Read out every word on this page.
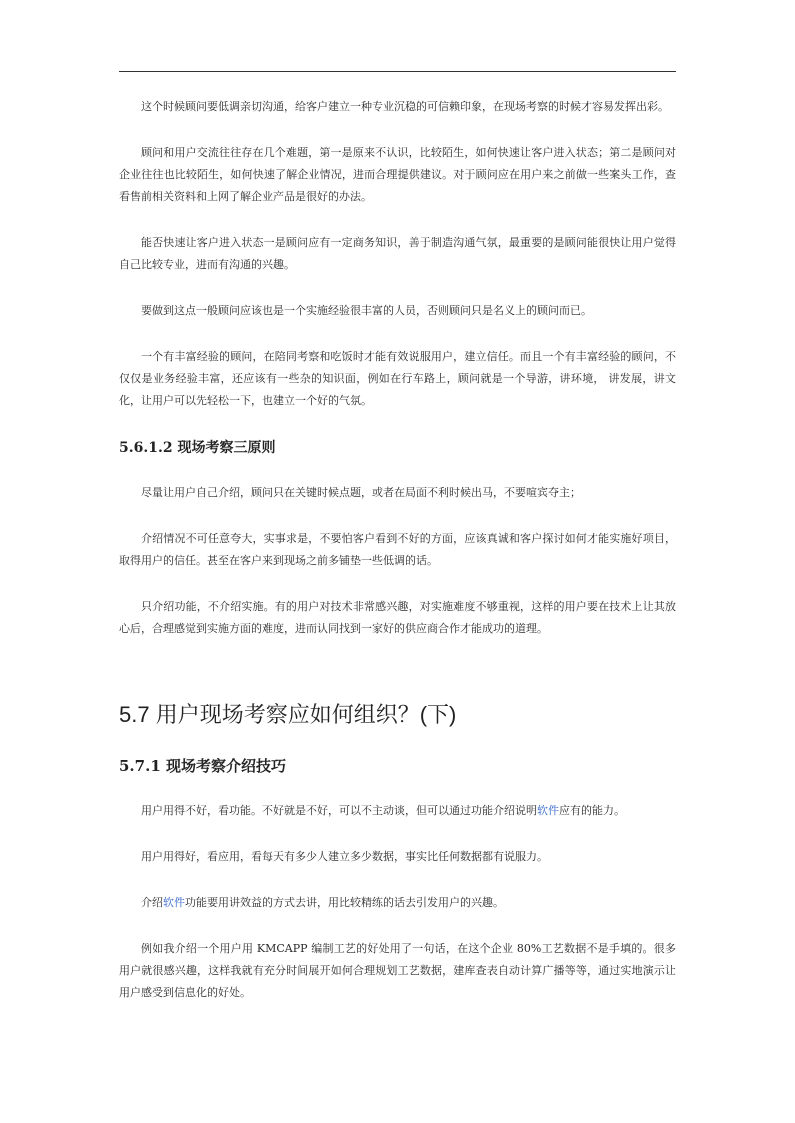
这个时候顾问要低调亲切沟通，给客户建立一种专业沉稳的可信赖印象，在现场考察的时候才容易发挥出彩。

顾问和用户交流往往存在几个难题，第一是原来不认识，比较陌生，如何快速让客户进入状态；第二是顾问对企业往往也比较陌生，如何快速了解企业情况，进而合理提供建议。对于顾问应在用户来之前做一些案头工作，查看售前相关资料和上网了解企业产品是很好的办法。

能否快速让客户进入状态一是顾问应有一定商务知识，善于制造沟通气氛，最重要的是顾问能很快让用户觉得自己比较专业，进而有沟通的兴趣。

要做到这点一般顾问应该也是一个实施经验很丰富的人员，否则顾问只是名义上的顾问而已。

一个有丰富经验的顾问，在陪同考察和吃饭时才能有效说服用户，建立信任。而且一个有丰富经验的顾问，不仅仅是业务经验丰富，还应该有一些杂的知识面，例如在行车路上，顾问就是一个导游，讲环境， 讲发展，讲文化，让用户可以先轻松一下，也建立一个好的气氛。

5.6.1.2 现场考察三原则

尽量让用户自己介绍，顾问只在关键时候点题，或者在局面不利时候出马，不要喧宾夺主；

介绍情况不可任意夸大，实事求是，不要怕客户看到不好的方面，应该真诚和客户探讨如何才能实施好项目，取得用户的信任。甚至在客户来到现场之前多铺垫一些低调的话。

只介绍功能，不介绍实施。有的用户对技术非常感兴趣，对实施难度不够重视，这样的用户要在技术上让其放心后，合理感觉到实施方面的难度，进而认同找到一家好的供应商合作才能成功的道理。

5.7 用户现场考察应如何组织？(下)
5.7.1 现场考察介绍技巧

用户用得不好，看功能。不好就是不好，可以不主动谈，但可以通过功能介绍说明软件应有的能力。

用户用得好，看应用，看每天有多少人建立多少数据，事实比任何数据都有说服力。

介绍软件功能要用讲效益的方式去讲，用比较精练的话去引发用户的兴趣。

例如我介绍一个用户用 KMCAPP 编制工艺的好处用了一句话，在这个企业 80%工艺数据不是手填的。很多用户就很感兴趣，这样我就有充分时间展开如何合理规划工艺数据，建库查表自动计算广播等等，通过实地演示让用户感受到信息化的好处。
